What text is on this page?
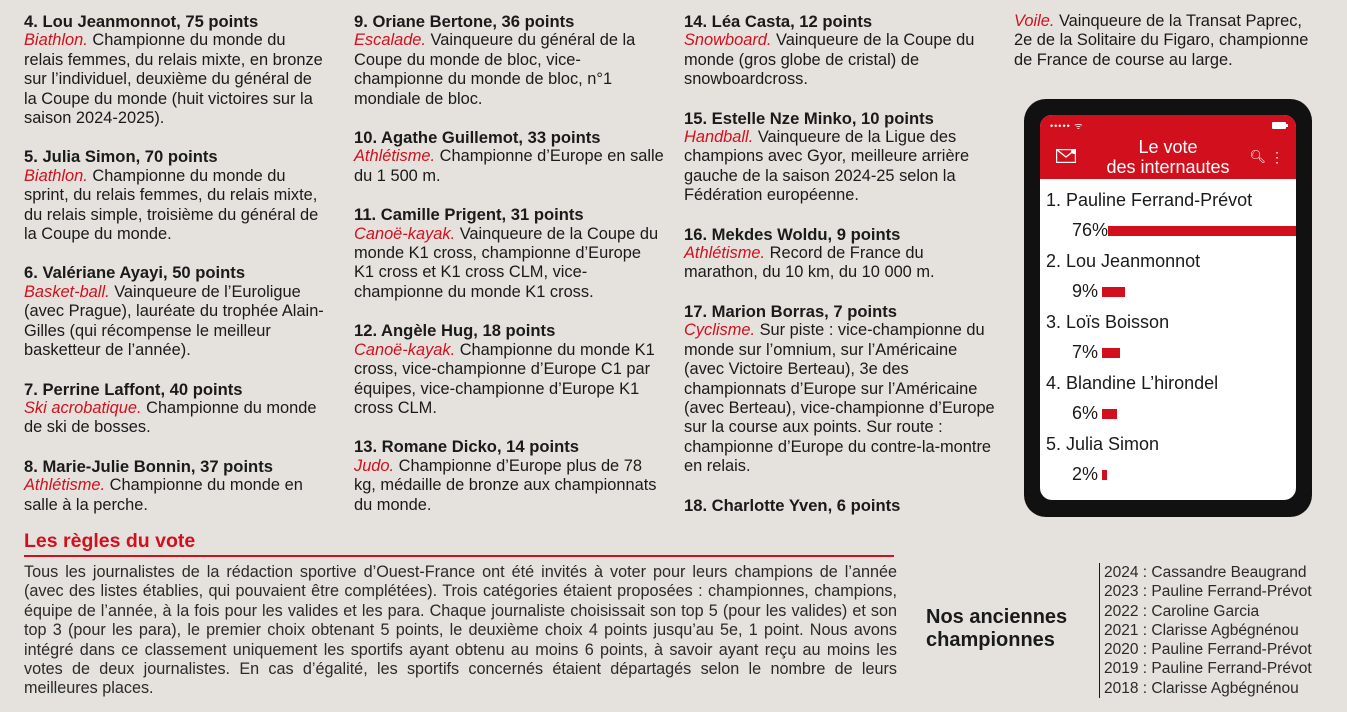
4. Lou Jeanmonnot, 75 points

Biathlon. Championne du monde du relais femmes, du relais mixte, en bronze sur l’individuel, deuxième du général de la Coupe du monde (huit victoires sur la saison 2024-2025).

5. Julia Simon, 70 points

Biathlon. Championne du monde du sprint, du relais femmes, du relais mixte, du relais simple, troisième du général de la Coupe du monde.

6. Valériane Ayayi, 50 points

Basket-ball. Vainqueure de l’Euroligue (avec Prague), lauréate du trophée Alain-Gilles (qui récompense le meilleur basketteur de l’année).

7. Perrine Laffont, 40 points

Ski acrobatique. Championne du monde de ski de bosses.

8. Marie-Julie Bonnin, 37 points

Athlétisme. Championne du monde en salle à la perche.

9. Oriane Bertone, 36 points

Escalade. Vainqueure du général de la Coupe du monde de bloc, vice-championne du monde de bloc, n°1 mondiale de bloc.

10. Agathe Guillemot, 33 points

Athlétisme. Championne d’Europe en salle du 1 500 m.

11. Camille Prigent, 31 points

Canoë-kayak. Vainqueure de la Coupe du monde K1 cross, championne d’Europe K1 cross et K1 cross CLM, vice-championne du monde K1 cross.

12. Angèle Hug, 18 points

Canoë-kayak. Championne du monde K1 cross, vice-championne d’Europe C1 par équipes, vice-championne d’Europe K1 cross CLM.

13. Romane Dicko, 14 points

Judo. Championne d’Europe plus de 78 kg, médaille de bronze aux championnats du monde.

14. Léa Casta, 12 points

Snowboard. Vainqueure de la Coupe du monde (gros globe de cristal) de snowboardcross.

15. Estelle Nze Minko, 10 points

Handball. Vainqueure de la Ligue des champions avec Gyor, meilleure arrière gauche de la saison 2024-25 selon la Fédération européenne.

16. Mekdes Woldu, 9 points

Athlétisme. Record de France du marathon, du 10 km, du 10 000 m.

17. Marion Borras, 7 points

Cyclisme. Sur piste : vice-championne du monde sur l’omnium, sur l’Américaine (avec Victoire Berteau), 3e des championnats d’Europe sur l’Américaine (avec Berteau), vice-championne d’Europe sur la course aux points. Sur route : championne d’Europe du contre-la-montre en relais.

18. Charlotte Yven, 6 points

Voile. Vainqueure de la Transat Paprec, 2e de la Solitaire du Figaro, championne de France de course au large.

••••• ᯤ
Le vote
des internautes
🔍︎ ⋮
1. Pauline Ferrand-Prévot
76%
2. Lou Jeanmonnot
9%
3. Loïs Boisson
7%
4. Blandine L’hirondel
6%
5. Julia Simon
2%
Les règles du vote
Tous les journalistes de la rédaction sportive d’Ouest-France ont été invités à voter pour leurs champions de l’année (avec des listes établies, qui pouvaient être complétées). Trois catégories étaient proposées : championnes, champions, équipe de l’année, à la fois pour les valides et les para. Chaque journaliste choisissait son top 5 (pour les valides) et son top 3 (pour les para), le premier choix obtenant 5 points, le deuxième choix 4 points jusqu’au 5e, 1 point. Nous avons intégré dans ce classement uniquement les sportifs ayant obtenu au moins 6 points, à savoir ayant reçu au moins les votes de deux journalistes. En cas d’égalité, les sportifs concernés étaient départagés selon le nombre de leurs meilleures places.
Nos anciennes championnes
2024 : Cassandre Beaugrand
2023 : Pauline Ferrand-Prévot
2022 : Caroline Garcia
2021 : Clarisse Agbégnénou
2020 : Pauline Ferrand-Prévot
2019 : Pauline Ferrand-Prévot
2018 : Clarisse Agbégnénou
